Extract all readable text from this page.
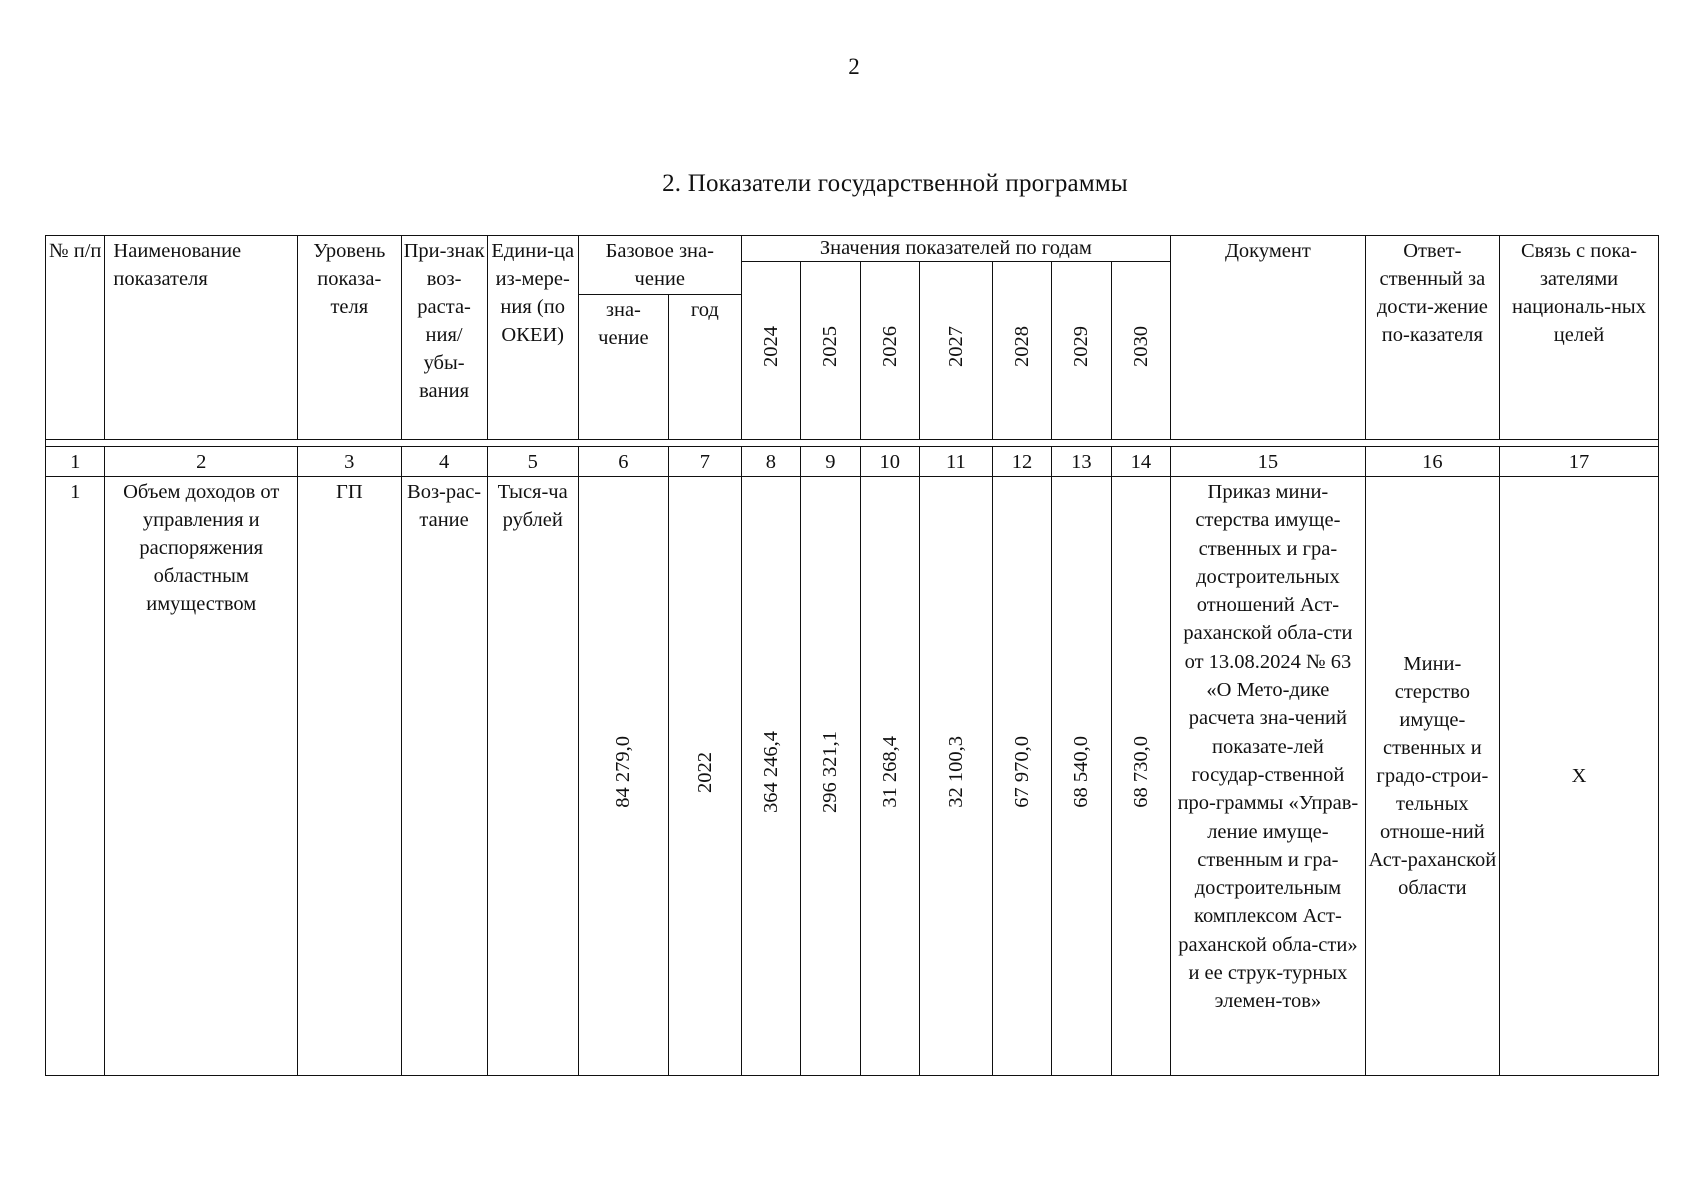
2
2. Показатели государственной программы
№ п/п	Наименование показателя	Уровень показа-теля	При-знак воз-раста-ния/ убы-вания	Едини-ца из-мере-ния (по ОКЕИ)	Базовое зна-чение		Значения показателей по годам							Документ	Ответ-ственный за дости-жение по-казателя	Связь с пока-зателями националь-ных целей
							2024	2025	2026	2027	2028	2029	2030			
					зна-чение	год										

1	2	3	4	5	6	7	8	9	10	11	12	13	14	15	16	17
1	Объем доходов от управления и распоряжения областным имуществом	ГП	Воз-рас-тание	Тыся-ча рублей	84 279,0	2022	364 246,4	296 321,1	31 268,4	32 100,3	67 970,0	68 540,0	68 730,0	Приказ мини-стерства имуще-ственных и гра-достроительных отношений Аст-раханской обла-сти от 13.08.2024 № 63 «О Мето-дике расчета зна-чений показате-лей государ-ственной про-граммы «Управ-ление имуще-ственным и гра-достроительным комплексом Аст-раханской обла-сти» и ее струк-турных элемен-тов»	Мини-стерство имуще-ственных и градо-строи-тельных отноше-ний Аст-раханской области	Х
